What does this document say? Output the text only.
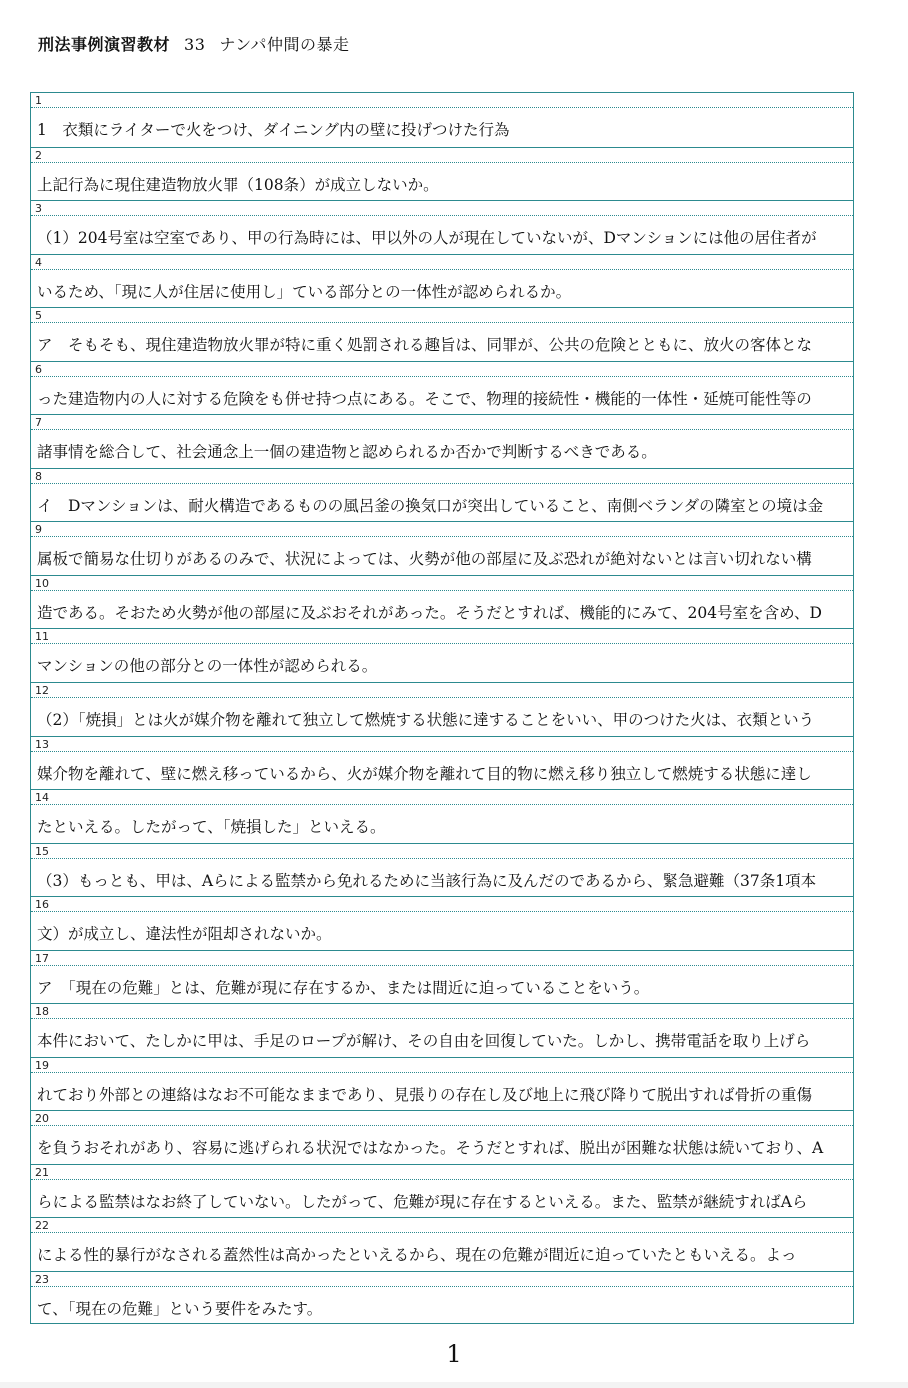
刑法事例演習教材 33 ナンパ仲間の暴走
1
1　衣類にライターで火をつけ、ダイニング内の壁に投げつけた行為
2
上記行為に現住建造物放火罪（108条）が成立しないか。
3
（1）204号室は空室であり、甲の行為時には、甲以外の人が現在していないが、Dマンションには他の居住者が
4
いるため、「現に人が住居に使用し」ている部分との一体性が認められるか。
5
ア　そもそも、現住建造物放火罪が特に重く処罰される趣旨は、同罪が、公共の危険とともに、放火の客体とな
6
った建造物内の人に対する危険をも併せ持つ点にある。そこで、物理的接続性・機能的一体性・延焼可能性等の
7
諸事情を総合して、社会通念上一個の建造物と認められるか否かで判断するべきである。
8
イ　Dマンションは、耐火構造であるものの風呂釜の換気口が突出していること、南側ベランダの隣室との境は金
9
属板で簡易な仕切りがあるのみで、状況によっては、火勢が他の部屋に及ぶ恐れが絶対ないとは言い切れない構
10
造である。そおため火勢が他の部屋に及ぶおそれがあった。そうだとすれば、機能的にみて、204号室を含め、D
11
マンションの他の部分との一体性が認められる。
12
（2）「焼損」とは火が媒介物を離れて独立して燃焼する状態に達することをいい、甲のつけた火は、衣類という
13
媒介物を離れて、壁に燃え移っているから、火が媒介物を離れて目的物に燃え移り独立して燃焼する状態に達し
14
たといえる。したがって、「焼損した」といえる。
15
（3）もっとも、甲は、Aらによる監禁から免れるために当該行為に及んだのであるから、緊急避難（37条1項本
16
文）が成立し、違法性が阻却されないか。
17
ア　「現在の危難」とは、危難が現に存在するか、または間近に迫っていることをいう。
18
本件において、たしかに甲は、手足のロープが解け、その自由を回復していた。しかし、携帯電話を取り上げら
19
れており外部との連絡はなお不可能なままであり、見張りの存在し及び地上に飛び降りて脱出すれば骨折の重傷
20
を負うおそれがあり、容易に逃げられる状況ではなかった。そうだとすれば、脱出が困難な状態は続いており、A
21
らによる監禁はなお終了していない。したがって、危難が現に存在するといえる。また、監禁が継続すればAら
22
による性的暴行がなされる蓋然性は高かったといえるから、現在の危難が間近に迫っていたともいえる。よっ
23
て、「現在の危難」という要件をみたす。
1
